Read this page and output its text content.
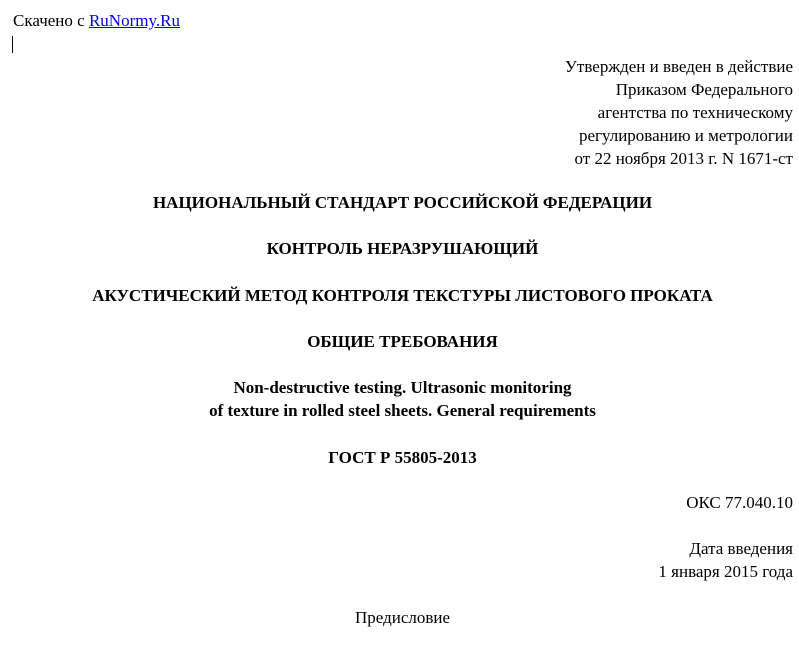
Скачено с RuNormy.Ru
Утвержден и введен в действие
Приказом Федерального
агентства по техническому
регулированию и метрологии
от 22 ноября 2013 г. N 1671-ст
НАЦИОНАЛЬНЫЙ СТАНДАРТ РОССИЙСКОЙ ФЕДЕРАЦИИ
КОНТРОЛЬ НЕРАЗРУШАЮЩИЙ
АКУСТИЧЕСКИЙ МЕТОД КОНТРОЛЯ ТЕКСТУРЫ ЛИСТОВОГО ПРОКАТА
ОБЩИЕ ТРЕБОВАНИЯ
Non-destructive testing. Ultrasonic monitoring
of texture in rolled steel sheets. General requirements
ГОСТ Р 55805-2013
ОКС 77.040.10
Дата введения
1 января 2015 года
Предисловие
